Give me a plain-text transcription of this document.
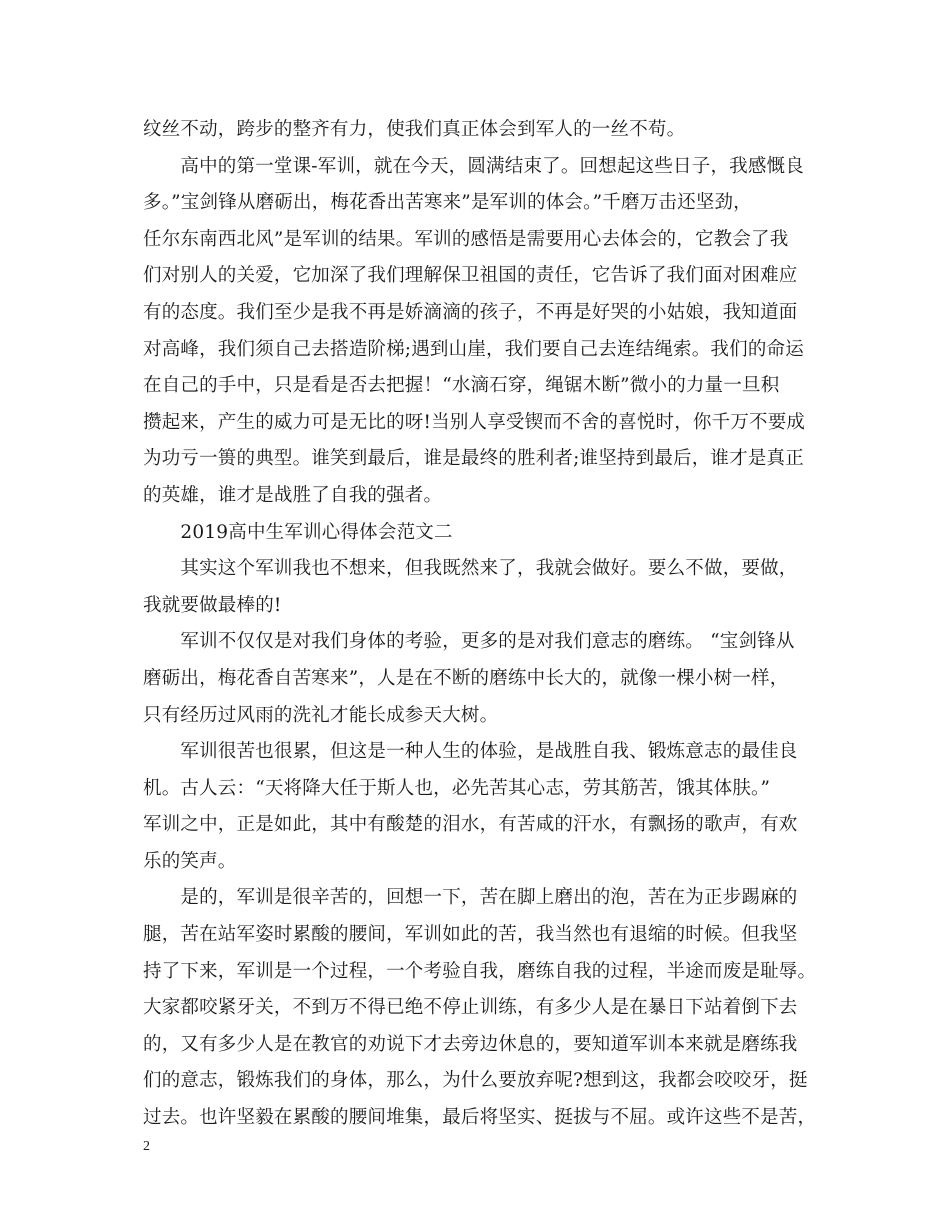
纹丝不动，跨步的整齐有力，使我们真正体会到军人的一丝不苟。
　　高中的第一堂课-军训，就在今天，圆满结束了。回想起这些日子，我感慨良
多。”宝剑锋从磨砺出，梅花香出苦寒来”是军训的体会。”千磨万击还坚劲，
任尔东南西北风”是军训的结果。军训的感悟是需要用心去体会的，它教会了我
们对别人的关爱，它加深了我们理解保卫祖国的责任，它告诉了我们面对困难应
有的态度。我们至少是我不再是娇滴滴的孩子，不再是好哭的小姑娘，我知道面
对高峰，我们须自己去搭造阶梯;遇到山崖，我们要自己去连结绳索。我们的命运
在自己的手中，只是看是否去把握！“水滴石穿，绳锯木断”微小的力量一旦积
攒起来，产生的威力可是无比的呀!当别人享受锲而不舍的喜悦时，你千万不要成
为功亏一篑的典型。谁笑到最后，谁是最终的胜利者;谁坚持到最后，谁才是真正
的英雄，谁才是战胜了自我的强者。
　　2019高中生军训心得体会范文二
　　其实这个军训我也不想来，但我既然来了，我就会做好。要么不做，要做，
我就要做最棒的!
　　军训不仅仅是对我们身体的考验，更多的是对我们意志的磨练。 “宝剑锋从
磨砺出，梅花香自苦寒来”，人是在不断的磨练中长大的，就像一棵小树一样，
只有经历过风雨的洗礼才能长成参天大树。
　　军训很苦也很累，但这是一种人生的体验，是战胜自我、锻炼意志的最佳良
机。古人云：“天将降大任于斯人也，必先苦其心志，劳其筋苦，饿其体肤。”
军训之中，正是如此，其中有酸楚的泪水，有苦咸的汗水，有飘扬的歌声，有欢
乐的笑声。
　　是的，军训是很辛苦的，回想一下，苦在脚上磨出的泡，苦在为正步踢麻的
腿，苦在站军姿时累酸的腰间，军训如此的苦，我当然也有退缩的时候。但我坚
持了下来，军训是一个过程，一个考验自我，磨练自我的过程，半途而废是耻辱。
大家都咬紧牙关，不到万不得已绝不停止训练，有多少人是在暴日下站着倒下去
的，又有多少人是在教官的劝说下才去旁边休息的，要知道军训本来就是磨练我
们的意志，锻炼我们的身体，那么，为什么要放弃呢?想到这，我都会咬咬牙，挺
过去。也许坚毅在累酸的腰间堆集，最后将坚实、挺拔与不屈。或许这些不是苦，
2
